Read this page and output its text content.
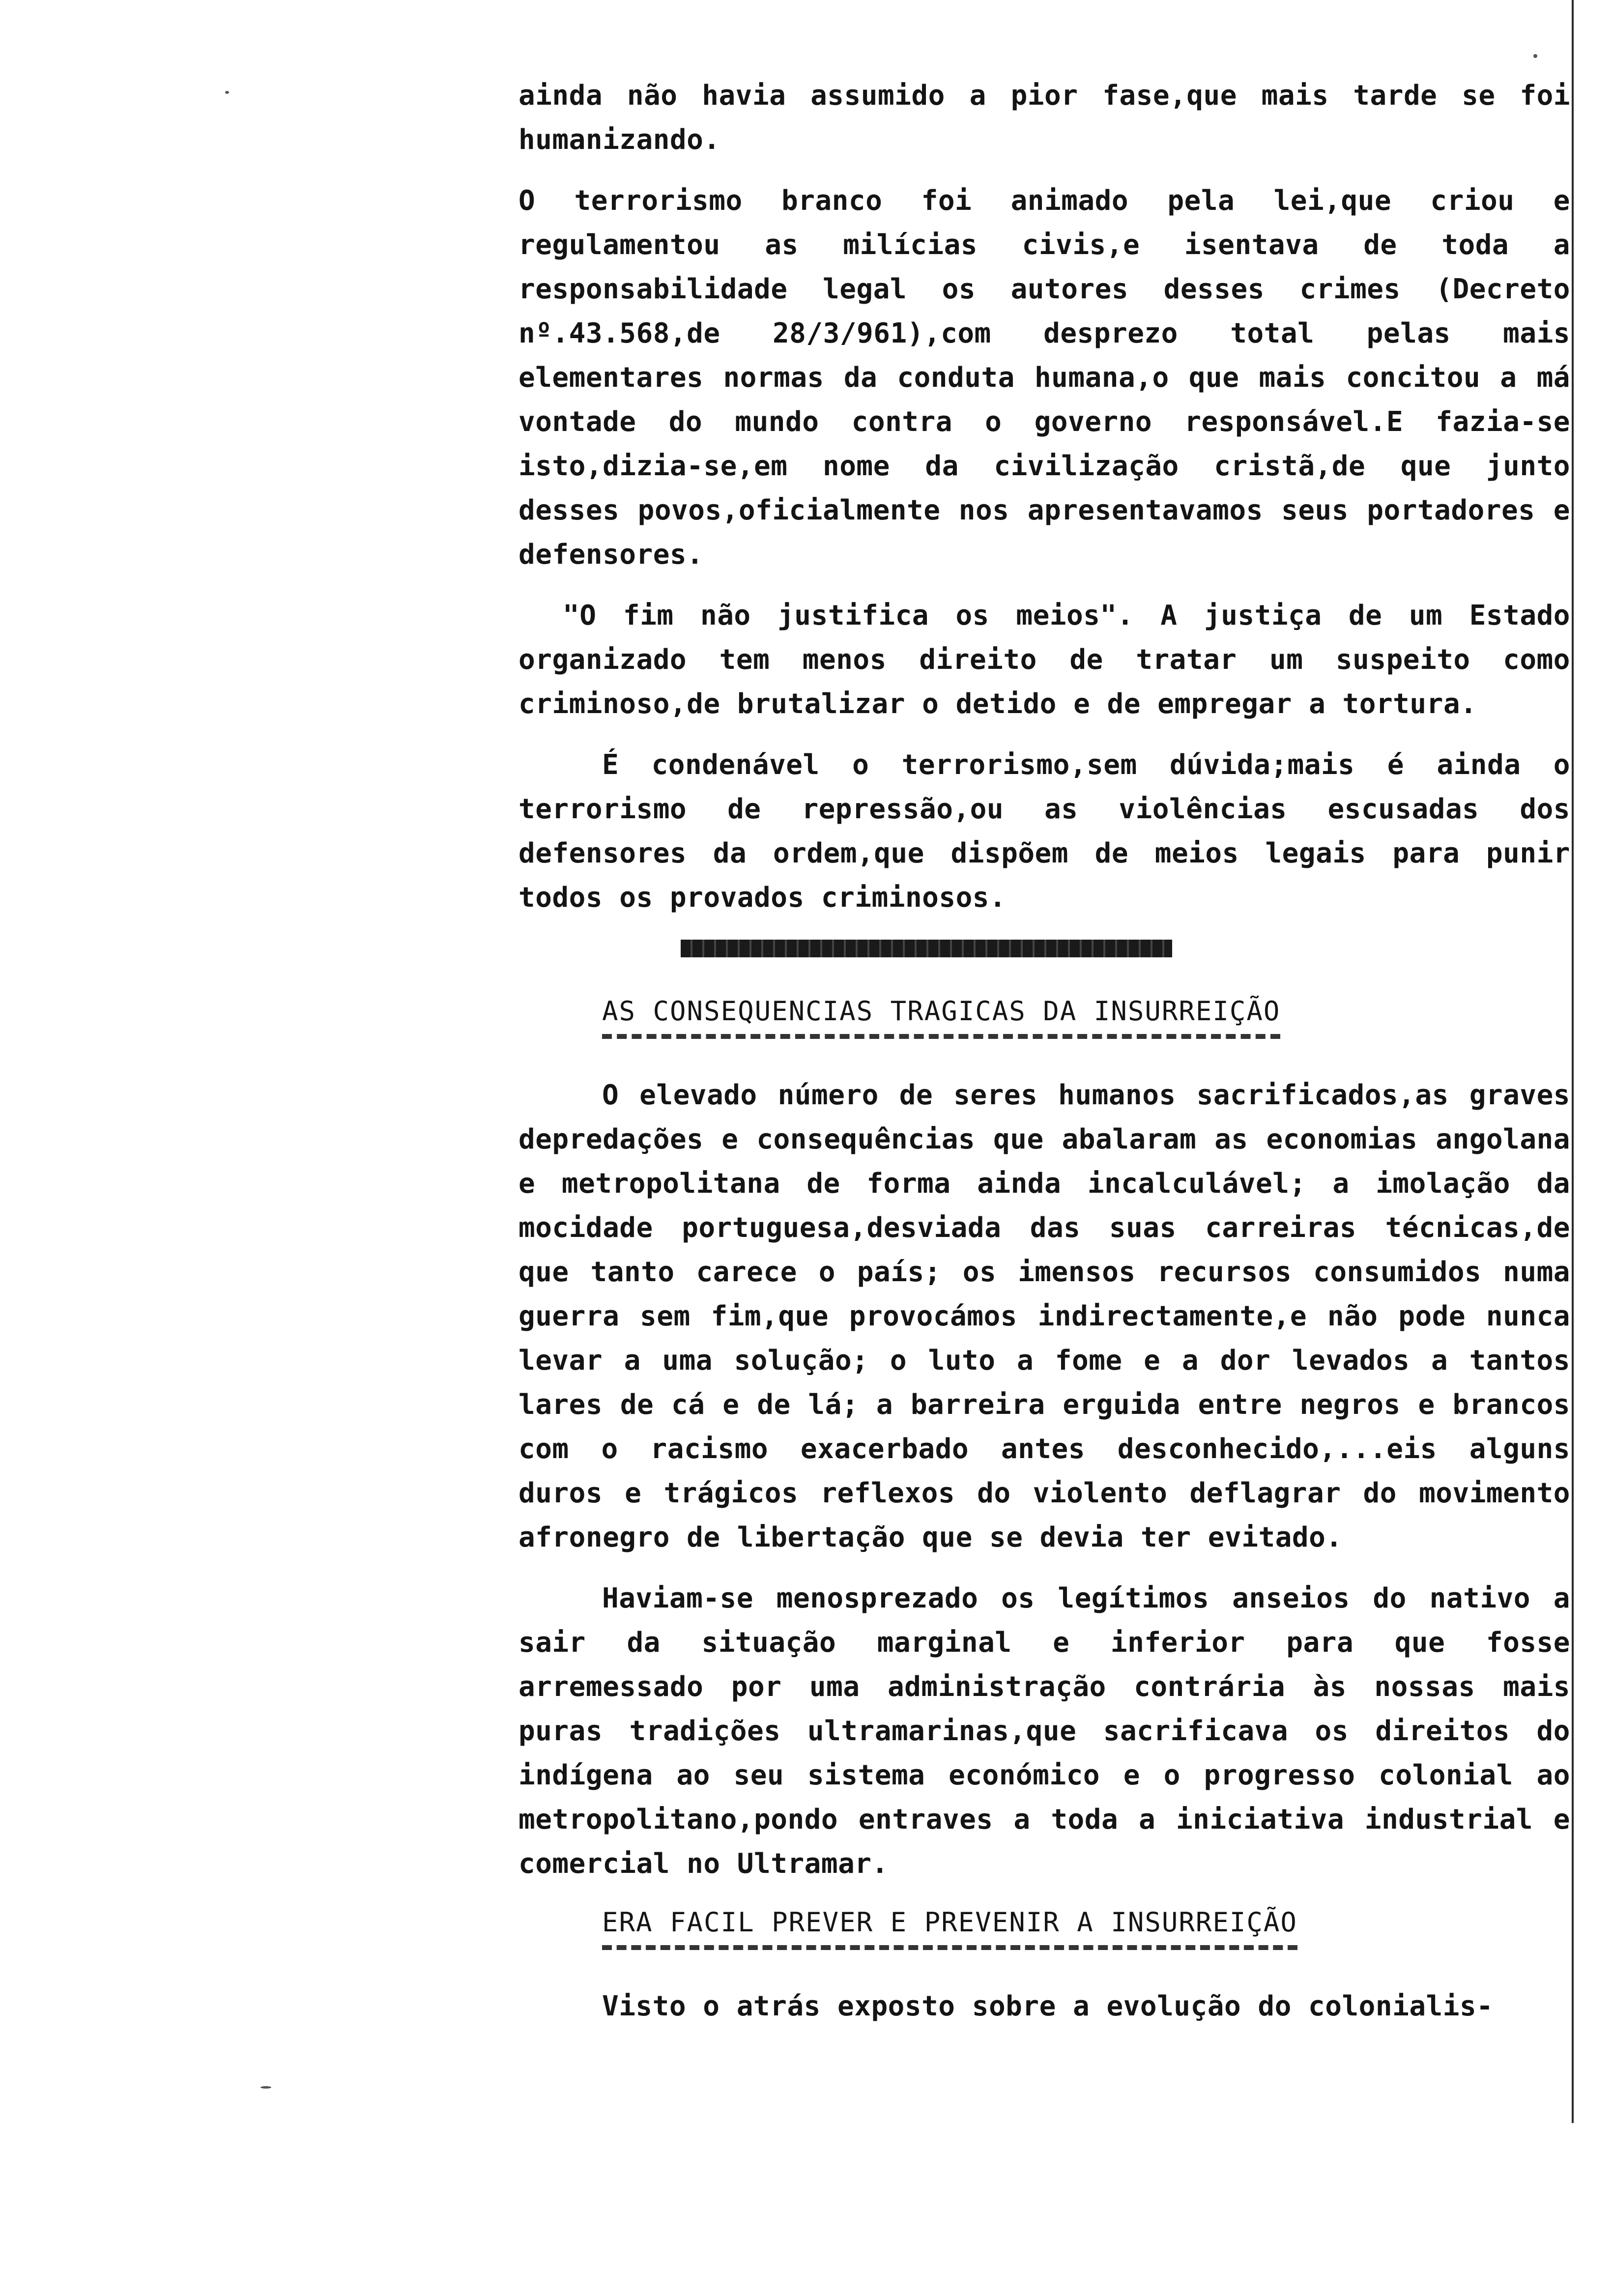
ainda não havia assumido a pior fase,que mais tarde se foi humanizando.

O terrorismo branco foi animado pela lei,que criou e regulamentou as milícias civis,e isentava de toda a responsabilidade legal os autores desses crimes (Decreto nº.43.568,de 28/3/961),com desprezo total pelas mais elementares normas da conduta humana,o que mais concitou a má vontade do mundo contra o governo responsável.E fazia-se isto,dizia-se,em nome da civilização cristã,de que junto desses povos,oficialmente nos apresentavamos seus portadores e defensores.

"O fim não justifica os meios". A justiça de um Estado organizado tem menos direito de tratar um suspeito como criminoso,de brutalizar o detido e de empregar a tortura.

É condenável o terrorismo,sem dúvida;mais é ainda o terrorismo de repressão,ou as violências escusadas dos defensores da ordem,que dispõem de meios legais para punir todos os provados criminosos.

AS CONSEQUENCIAS TRAGICAS DA INSURREIÇÃO

O elevado número de seres humanos sacrificados,as graves depredações e consequências que abalaram as economias angolana e metropolitana de forma ainda incalculável; a imolação da mocidade portuguesa,desviada das suas carreiras técnicas,de que tanto carece o país; os imensos recursos consumidos numa guerra sem fim,que provocámos indirectamente,e não pode nunca levar a uma solução; o luto a fome e a dor levados a tantos lares de cá e de lá; a barreira erguida entre negros e brancos com o racismo exacerbado antes desconhecido,...eis alguns duros e trágicos reflexos do violento deflagrar do movimento afronegro de libertação que se devia ter evitado.

Haviam-se menosprezado os legítimos anseios do nativo a sair da situação marginal e inferior para que fosse arremessado por uma administração contrária às nossas mais puras tradições ultramarinas,que sacrificava os direitos do indígena ao seu sistema económico e o progresso colonial ao metropolitano,pondo entraves a toda a iniciativa industrial e comercial no Ultramar.

ERA FACIL PREVER E PREVENIR A INSURREIÇÃO

Visto o atrás exposto sobre a evolução do colonialis-
